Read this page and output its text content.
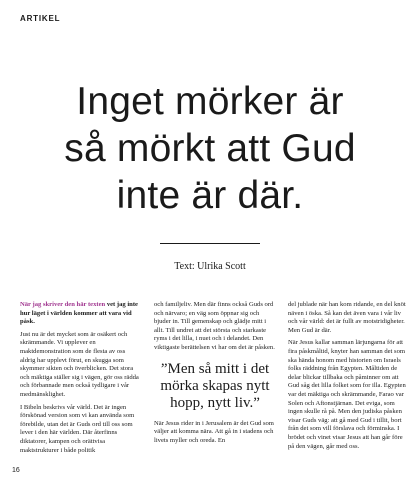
ARTIKEL
Inget mörker är
så mörkt att Gud
inte är där.
Text: Ulrika Scott

När jag skriver den här texten vet jag inte hur läget i världen kommer att vara vid påsk.

Just nu är det mycket som är osäkert och skrämmande. Vi upplever en maktdemonstration som de flesta av oss aldrig har upplevt förut, en skugga som skymmer sikten och överblicken. Det stora och mäktiga ställer sig i vägen, gör oss rädda och förbannade men också tydligare i vår medmänsklighet.

I Bibeln beskrivs vår värld. Det är ingen förskönad version som vi kan använda som förebilde, utan det är Guds ord till oss som lever i den här världen. Där återfinns diktatorer, kampen och orättvisa maktstrukturer i både politik

och familjeliv. Men där finns också Guds ord och närvaro; en väg som öppnar sig och bjuder in. Till gemenskap och glädje mitt i allt. Till undret att det största och starkaste ryms i det lilla, i nuet och i delandet. Den viktigaste berättelsen vi har om det är påsken.

”Men så mitt i det mörka skapas nytt hopp, nytt liv.”

När Jesus rider in i Jerusalem är det Gud som väljer att komma nära. Att gå in i stadens och livets myller och oreda. En

del jublade när han kom ridande, en del knöt näven i öska. Så kan det även vara i vår liv och vår värld: det är fullt av motstridigheter. Men Gud är där.

När Jesus kallar samman lärjungarna för att fira påskmåltid, knyter han samman det som ska hända honom med historien om Israels folks räddning från Egypten. Måltiden de delar blickar tillbaka och påminner om att Gud såg det lilla folket som for illa. Egypten var det mäktiga och skrämmande, Farao var Solen och Aftonstjärnan. Det eviga, som ingen skulle rå på. Men den judiska påsken visar Guds väg: att gå med Gud i tillit, bort från det som vill förslava och förminska. I brödet och vinet visar Jesus att han går före på den vägen, går med oss.

16
